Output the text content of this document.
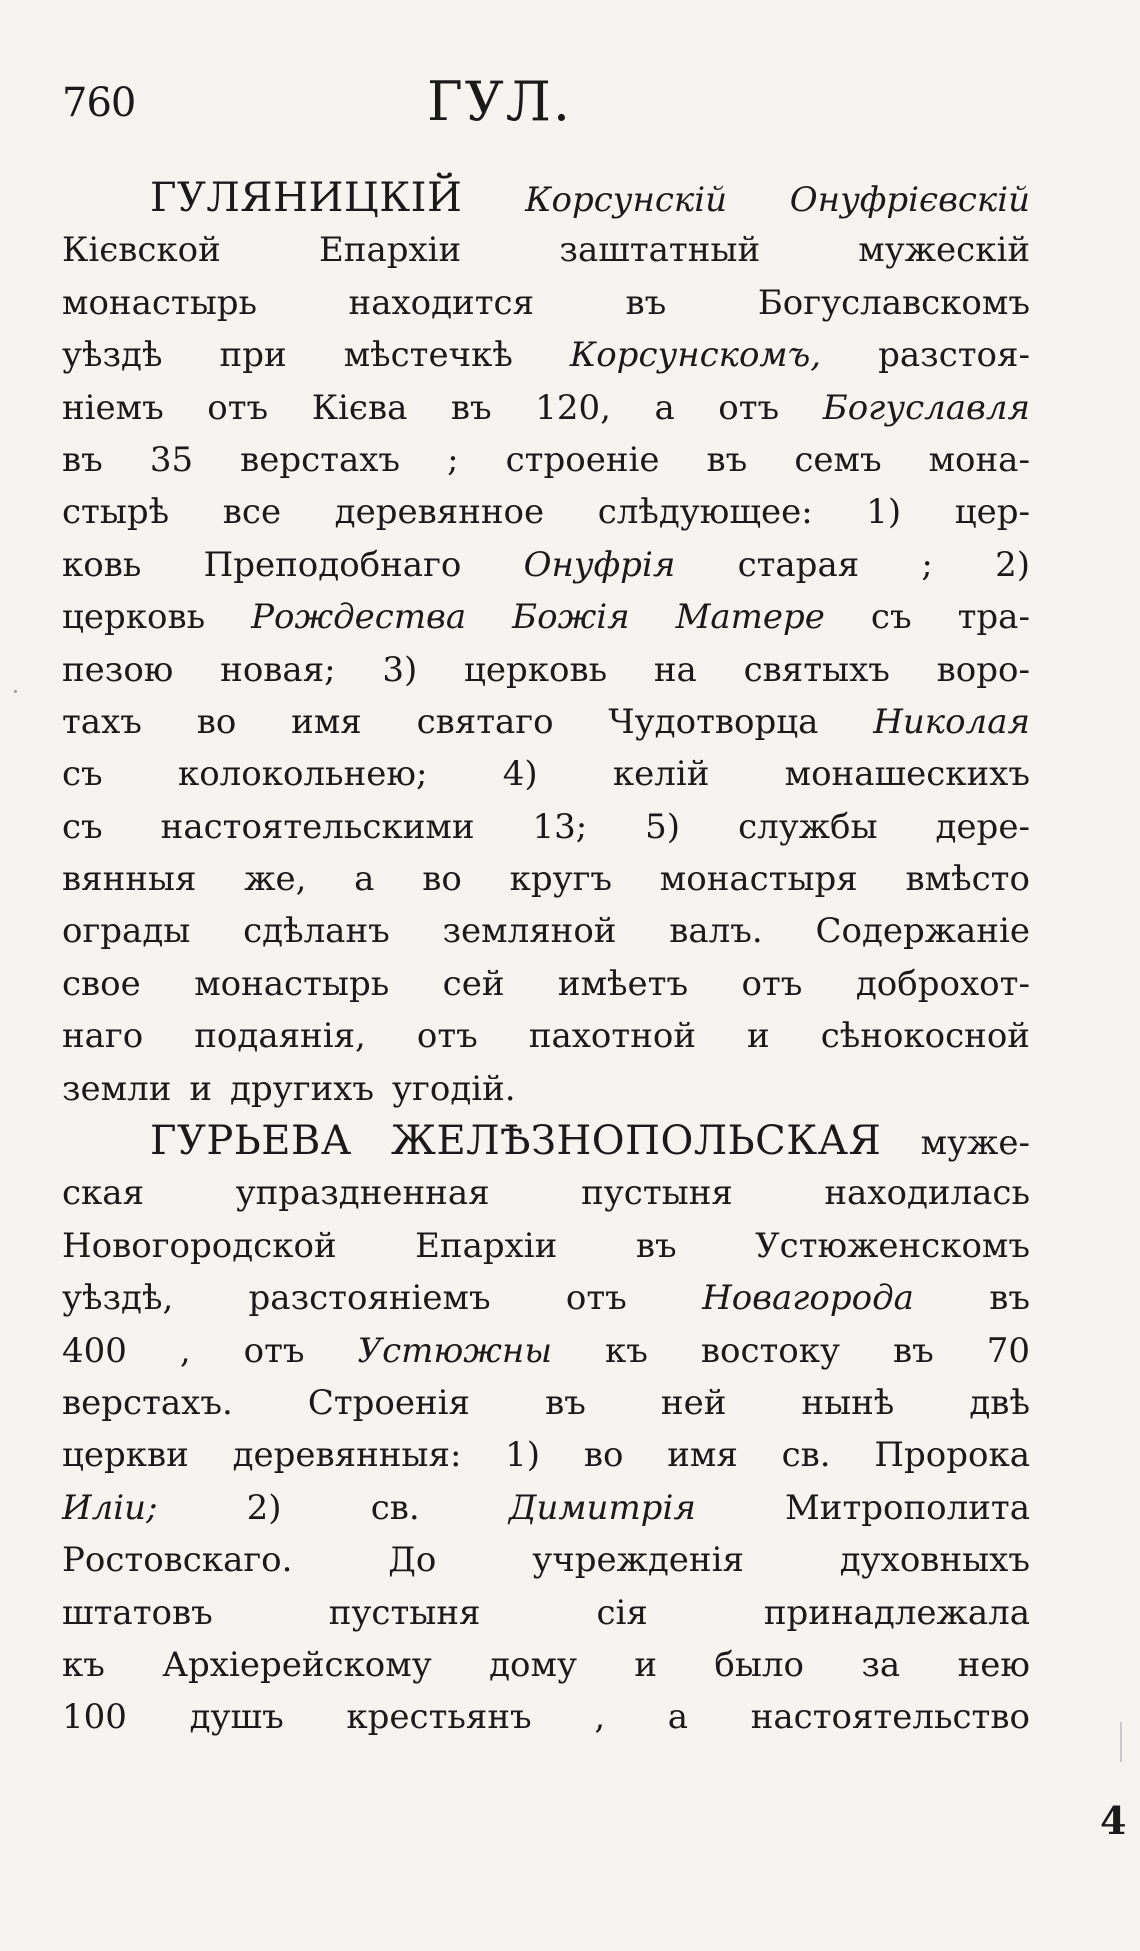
760	ГУЛ.
ГУЛЯНИЦКІЙ Корсунскій Онуфрієвскій
Кієвской	Епархіи	заштатный	мужескій
монастырь	находится	въ	Богуславскомъ
уѣздѣ при мѣстечкѣ Корсунскомъ, разстоя-
ніемъ отъ Кієва въ 120, а отъ Богуславля
въ 35 верстахъ ; строеніе въ семъ мона-
стырѣ все деревянное слѣдующее: 1) цер-
ковь Преподобнаго Онуфрія старая ; 2)
церковь Рождества Божія Матере съ тра-
пезою новая; 3) церковь на святыхъ воро-
тахъ во имя святаго Чудотворца Николая
съ колокольнею; 4) келій монашескихъ
съ настоятельскими 13; 5) службы дере-
вянныя же, а во кругъ монастыря вмѣсто
ограды сдѣланъ земляной валъ. Содержаніе
свое монастырь сей имѣетъ отъ доброхот-
наго подаянія, отъ пахотной и сѣнокосной
земли и другихъ угодій.
ГУРЬЕВА ЖЕЛѢЗНОПОЛЬСКАЯ муже-
ская	упраздненная	пустыня	находилась
Новогородской Епархіи въ Устюженскомъ
уѣздѣ, разстояніемъ отъ Новагорода въ
400 , отъ Устюжны къ востоку въ 70
верстахъ. Строенія въ ней нынѣ двѣ
церкви деревянныя: 1) во имя св. Пророка
Иліи;	2)	св.	Димитрія	Митрополита
Ростовскаго.	До	учрежденія	духовныхъ
штатовъ	пустыня	сія	принадлежала
къ Архіерейскому дому и было за нею
100 душъ крестьянъ , а настоятельство
4
